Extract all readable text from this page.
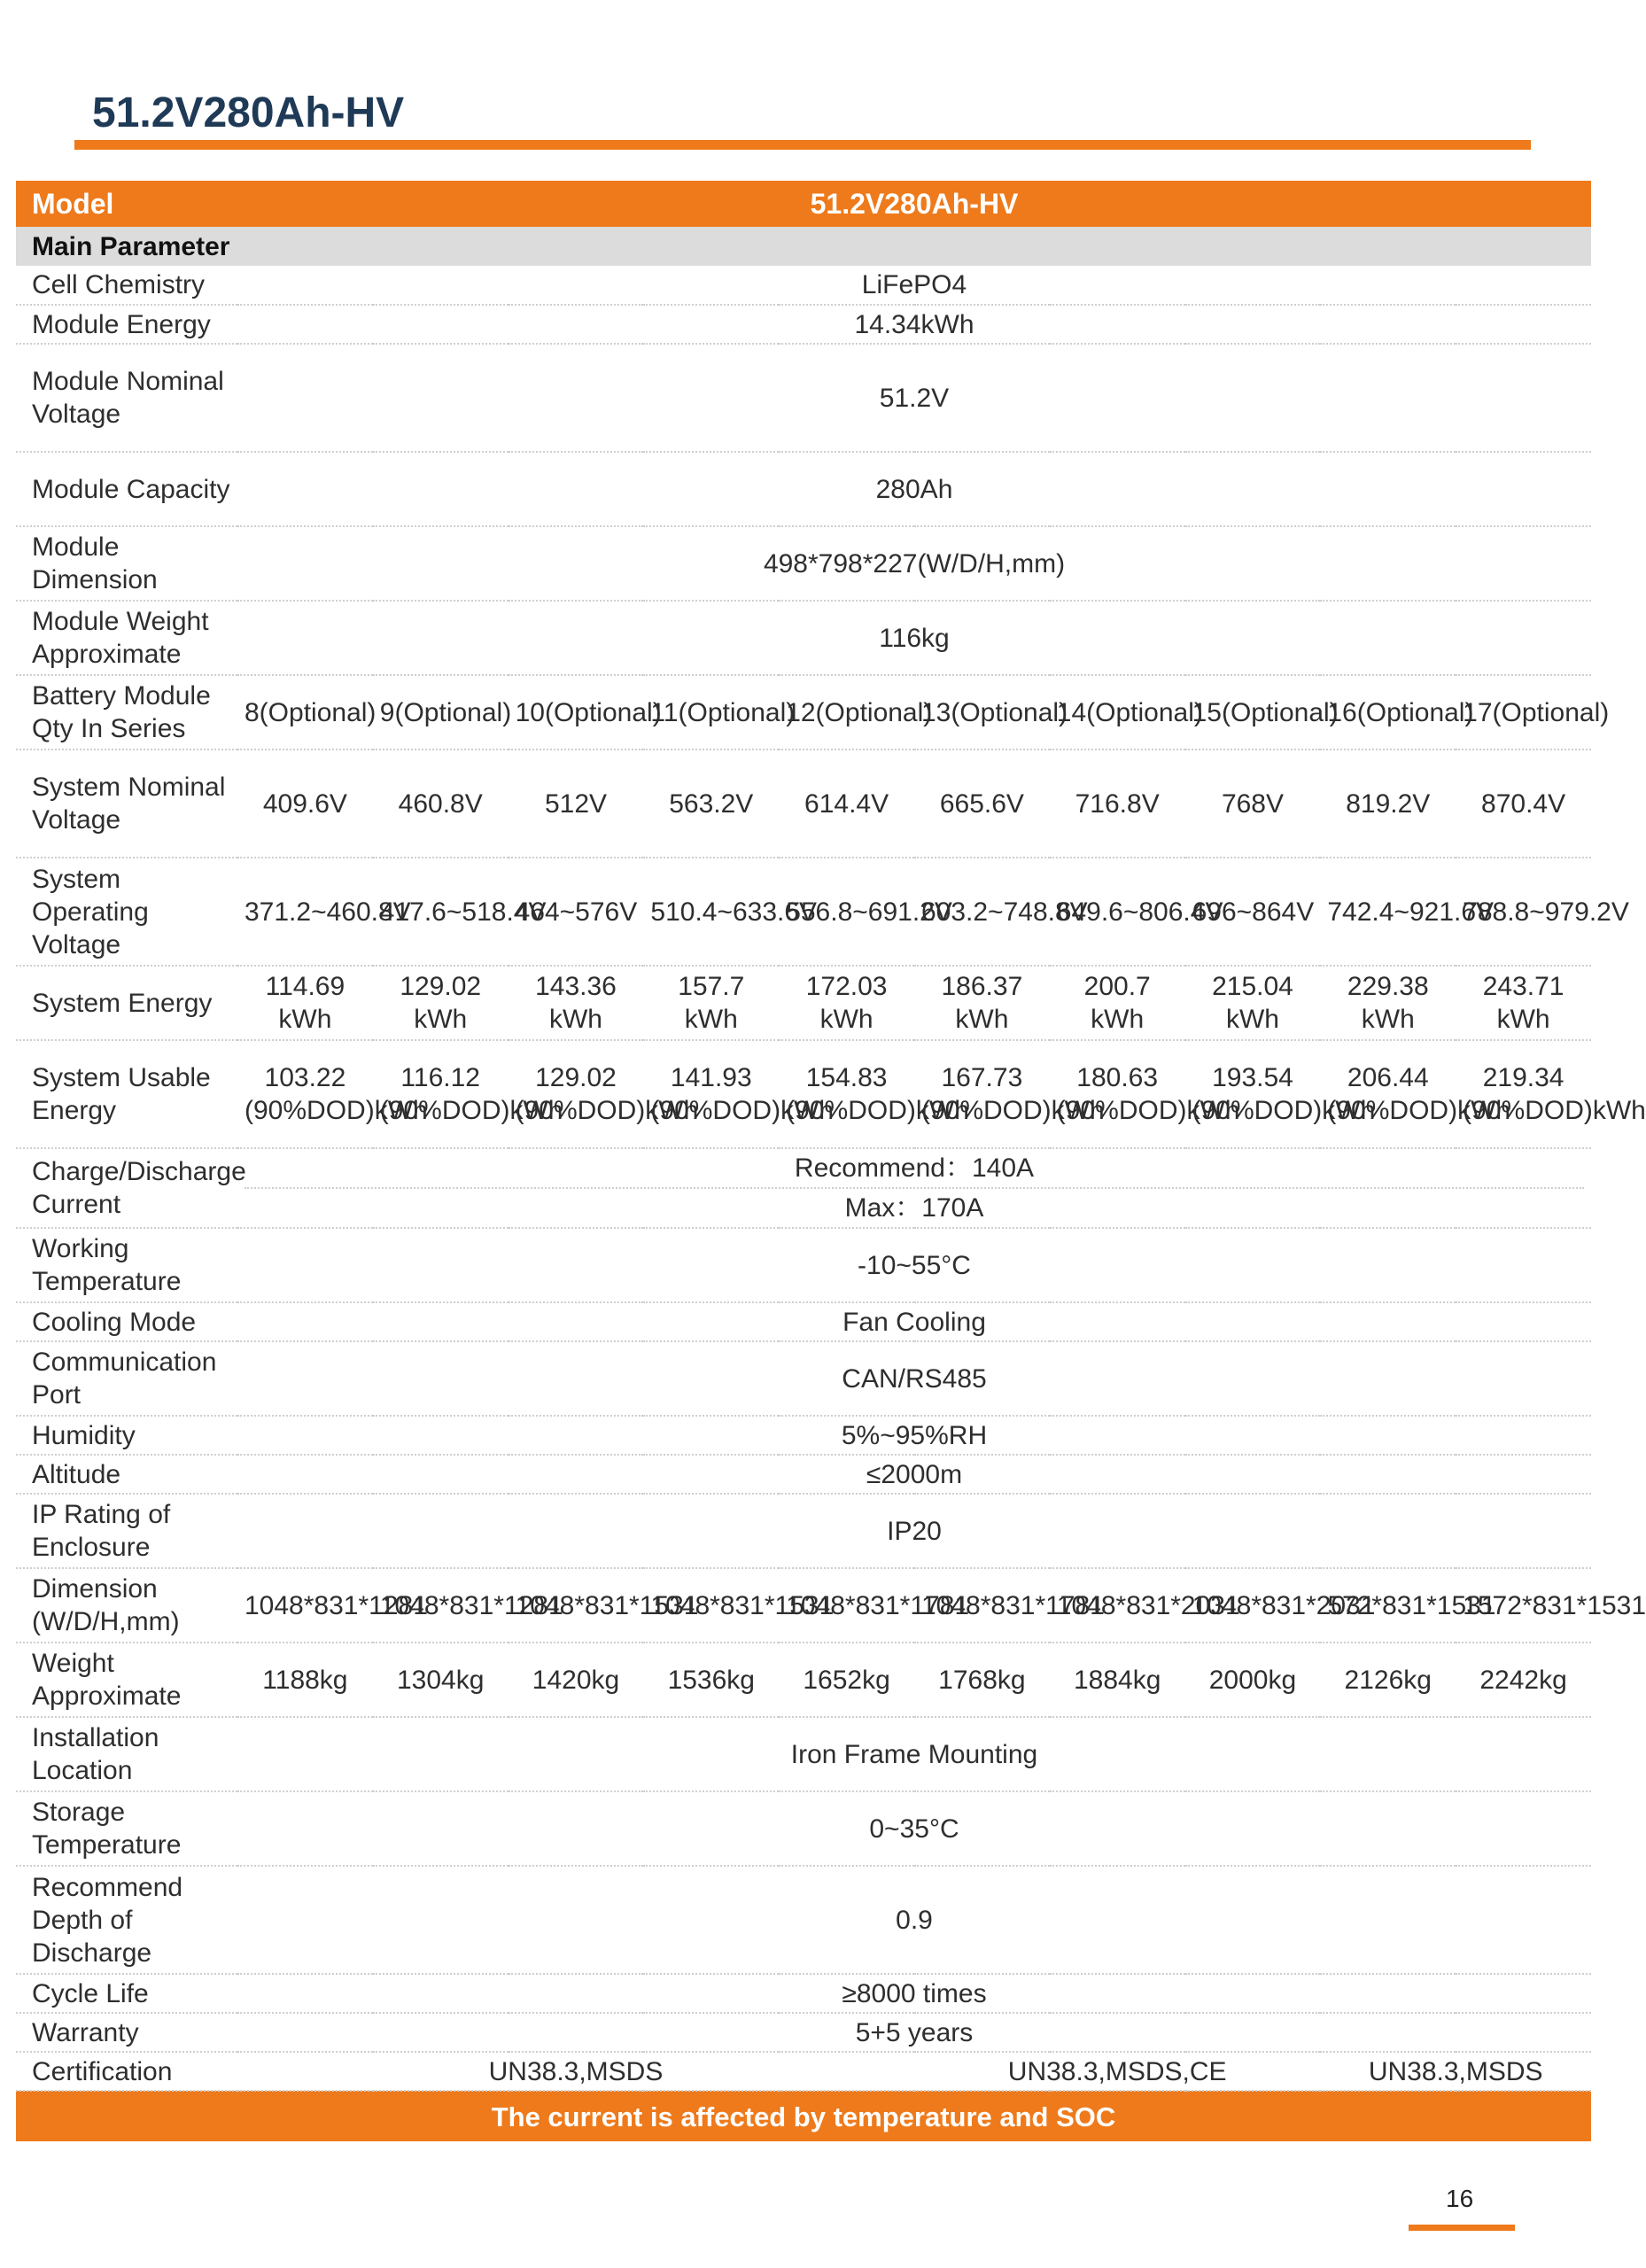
51.2V280Ah-HV
Model	51.2V280Ah-HV									
Main Parameter										
Cell Chemistry	LiFePO4									
Module Energy	14.34kWh									
Module Nominal Voltage	51.2V									
Module Capacity	280Ah									
Module Dimension	498*798*227(W/D/H,mm)									
Module Weight Approximate	116kg									
Battery Module Qty In Series	8(Optional)	9(Optional)	10(Optional)	11(Optional)	12(Optional)	13(Optional)	14(Optional)	15(Optional)	16(Optional)	17(Optional)
System Nominal Voltage	409.6V	460.8V	512V	563.2V	614.4V	665.6V	716.8V	768V	819.2V	870.4V
System Operating Voltage	371.2~460.8V	417.6~518.4V	464~576V	510.4~633.6V	556.8~691.2V	603.2~748.8V	649.6~806.4V	696~864V	742.4~921.6V	788.8~979.2V
System Energy	114.69 kWh	129.02 kWh	143.36 kWh	157.7 kWh	172.03 kWh	186.37 kWh	200.7 kWh	215.04 kWh	229.38 kWh	243.71 kWh
System Usable Energy	103.22 (90%DOD)kWh	116.12 (90%DOD)kWh	129.02 (90%DOD)kWh	141.93 (90%DOD)kWh	154.83 (90%DOD)kWh	167.73 (90%DOD)kWh	180.63 (90%DOD)kWh	193.54 (90%DOD)kWh	206.44 (90%DOD)kWh	219.34 (90%DOD)kWh
Charge/Discharge Current	Recommend：140A
Max：170A									

Working Temperature	-10~55°C									
Cooling Mode	Fan Cooling									
Communication Port	CAN/RS485									
Humidity	5%~95%RH									
Altitude	≤2000m									
IP Rating of Enclosure	IP20									
Dimension (W/D/H,mm)	1048*831*1281	1048*831*1281	1048*831*1531	1048*831*1531	1048*831*1781	1048*831*1781	1048*831*2031	1048*831*2031	572*831*1531	1572*831*1531
Weight Approximate	1188kg	1304kg	1420kg	1536kg	1652kg	1768kg	1884kg	2000kg	2126kg	2242kg
Installation Location	Iron Frame Mounting									
Storage Temperature	0~35°C									
Recommend Depth of Discharge	0.9									
Cycle Life	≥8000 times									
Warranty	5+5 years									
Certification	UN38.3,MSDS					UN38.3,MSDS,CE			UN38.3,MSDS	
The current is affected by temperature and SOC										
16
